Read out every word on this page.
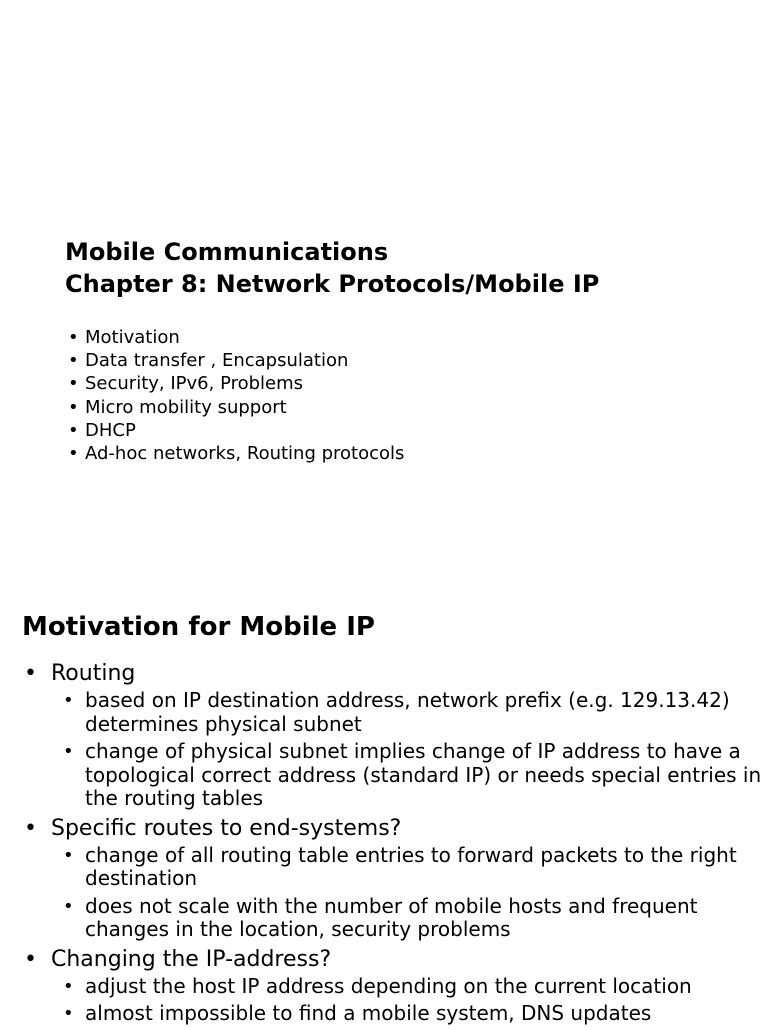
Mobile Communications
Chapter 8: Network Protocols/Mobile IP
• Motivation
• Data transfer , Encapsulation
• Security, IPv6, Problems
• Micro mobility support
• DHCP
• Ad-hoc networks, Routing protocols
Motivation for Mobile IP
• Routing
• based on IP destination address, network prefix (e.g. 129.13.42) determines physical subnet
• change of physical subnet implies change of IP address to have a topological correct address (standard IP) or needs special entries in the routing tables
• Specific routes to end-systems?
• change of all routing table entries to forward packets to the right destination
• does not scale with the number of mobile hosts and frequent changes in the location, security problems
• Changing the IP-address?
• adjust the host IP address depending on the current location
• almost impossible to find a mobile system, DNS updates
